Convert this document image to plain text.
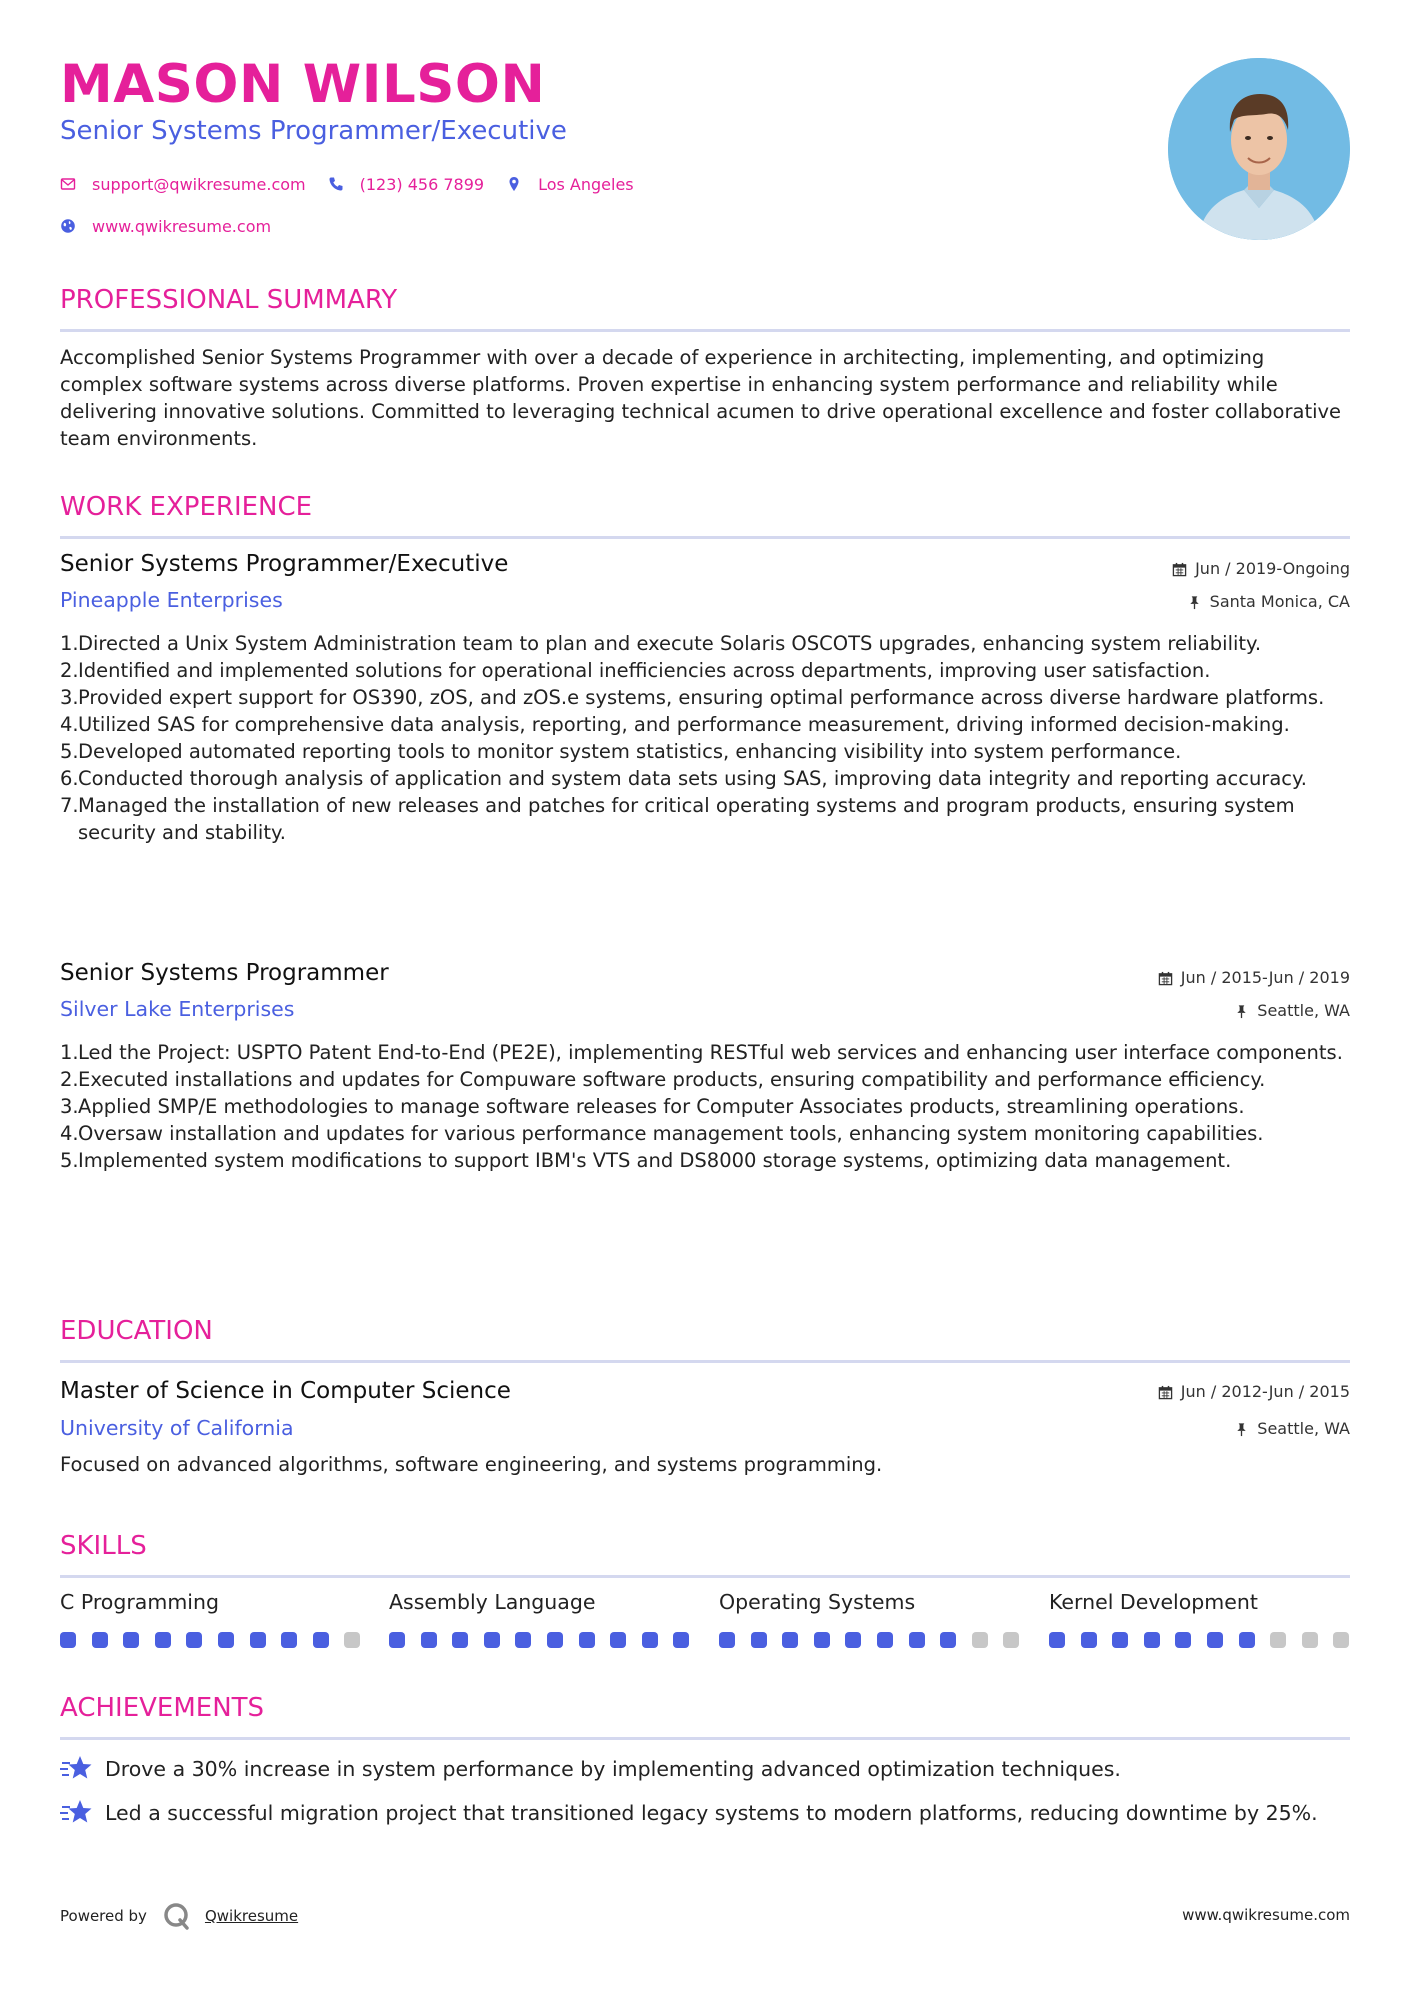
MASON WILSON
Senior Systems Programmer/Executive
support@qwikresume.com	(123) 456 7899	Los Angeles
www.qwikresume.com
PROFESSIONAL SUMMARY
Accomplished Senior Systems Programmer with over a decade of experience in architecting, implementing, and optimizing complex software systems across diverse platforms. Proven expertise in enhancing system performance and reliability while delivering innovative solutions. Committed to leveraging technical acumen to drive operational excellence and foster collaborative team environments.
WORK EXPERIENCE
Senior Systems Programmer/Executive	Jun / 2019-Ongoing
Pineapple Enterprises	Santa Monica, CA
1. Directed a Unix System Administration team to plan and execute Solaris OSCOTS upgrades, enhancing system reliability.
2. Identified and implemented solutions for operational inefficiencies across departments, improving user satisfaction.
3. Provided expert support for OS390, zOS, and zOS.e systems, ensuring optimal performance across diverse hardware platforms.
4. Utilized SAS for comprehensive data analysis, reporting, and performance measurement, driving informed decision-making.
5. Developed automated reporting tools to monitor system statistics, enhancing visibility into system performance.
6. Conducted thorough analysis of application and system data sets using SAS, improving data integrity and reporting accuracy.
7. Managed the installation of new releases and patches for critical operating systems and program products, ensuring system security and stability.
Senior Systems Programmer	Jun / 2015-Jun / 2019
Silver Lake Enterprises	Seattle, WA
1. Led the Project: USPTO Patent End-to-End (PE2E), implementing RESTful web services and enhancing user interface components.
2. Executed installations and updates for Compuware software products, ensuring compatibility and performance efficiency.
3. Applied SMP/E methodologies to manage software releases for Computer Associates products, streamlining operations.
4. Oversaw installation and updates for various performance management tools, enhancing system monitoring capabilities.
5. Implemented system modifications to support IBM's VTS and DS8000 storage systems, optimizing data management.
EDUCATION
Master of Science in Computer Science	Jun / 2012-Jun / 2015
University of California	Seattle, WA
Focused on advanced algorithms, software engineering, and systems programming.
SKILLS
C Programming	Assembly Language	Operating Systems	Kernel Development
ACHIEVEMENTS
Drove a 30% increase in system performance by implementing advanced optimization techniques.
Led a successful migration project that transitioned legacy systems to modern platforms, reducing downtime by 25%.
Powered by	Qwikresume	www.qwikresume.com
